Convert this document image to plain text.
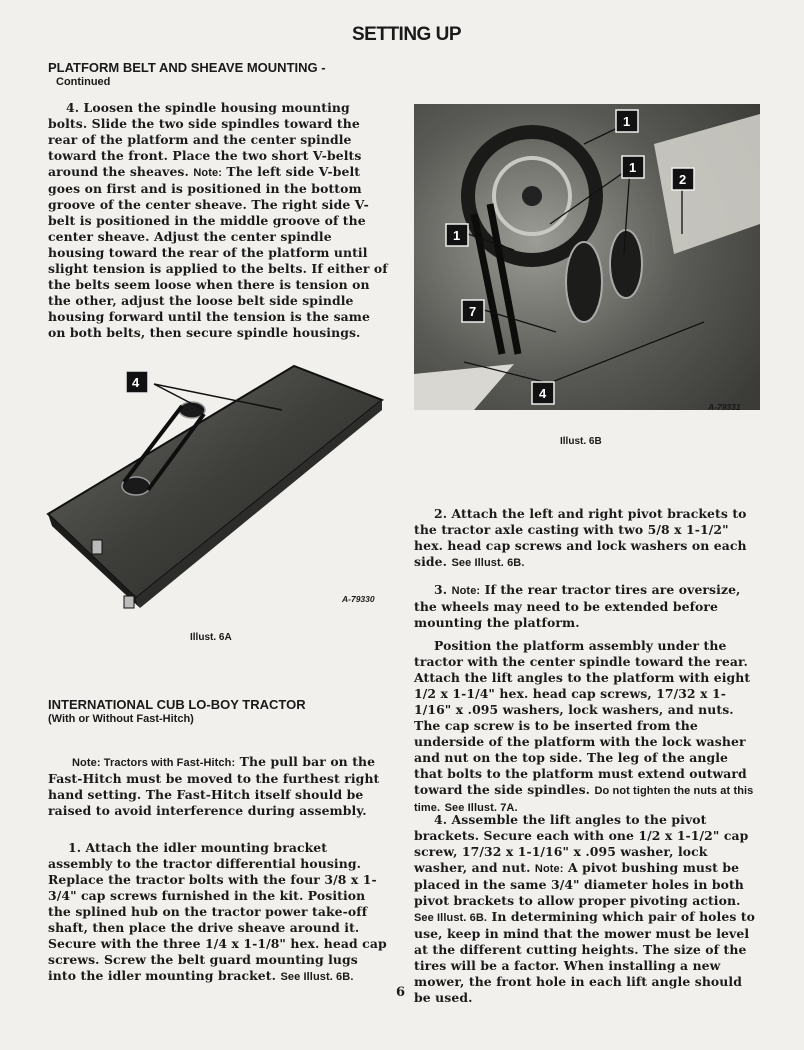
SETTING UP
PLATFORM BELT AND SHEAVE MOUNTING -
Continued

4. Loosen the spindle housing mounting bolts. Slide the two side spindles toward the rear of the platform and the center spindle toward the front. Place the two short V-belts around the sheaves. Note: The left side V-belt goes on first and is positioned in the bottom groove of the center sheave. The right side V-belt is positioned in the middle groove of the center sheave. Adjust the center spindle housing toward the rear of the platform until slight tension is applied to the belts. If either of the belts seem loose when there is tension on the other, adjust the loose belt side spindle housing forward until the tension is the same on both belts, then secure spindle housings.

4
A-79330
Illust. 6A
1
1
1
2
7
4
A-79331
Illust. 6B

2. Attach the left and right pivot brackets to the tractor axle casting with two 5/8 x 1-1/2" hex. head cap screws and lock washers on each side. See Illust. 6B.

3. Note: If the rear tractor tires are oversize, the wheels may need to be extended before mounting the platform.

Position the platform assembly under the tractor with the center spindle toward the rear. Attach the lift angles to the platform with eight 1/2 x 1-1/4" hex. head cap screws, 17/32 x 1-1/16" x .095 washers, lock washers, and nuts. The cap screw is to be inserted from the underside of the platform with the lock washer and nut on the top side. The leg of the angle that bolts to the platform must extend outward toward the side spindles. Do not tighten the nuts at this time. See Illust. 7A.

4. Assemble the lift angles to the pivot brackets. Secure each with one 1/2 x 1-1/2" cap screw, 17/32 x 1-1/16" x .095 washer, lock washer, and nut. Note: A pivot bushing must be placed in the same 3/4" diameter holes in both pivot brackets to allow proper pivoting action. See Illust. 6B. In determining which pair of holes to use, keep in mind that the mower must be level at the different cutting heights. The size of the tires will be a factor. When installing a new mower, the front hole in each lift angle should be used.

INTERNATIONAL CUB LO-BOY TRACTOR
(With or Without Fast-Hitch)

Note: Tractors with Fast-Hitch: The pull bar on the Fast-Hitch must be moved to the furthest right hand setting. The Fast-Hitch itself should be raised to avoid interference during assembly.

1. Attach the idler mounting bracket assembly to the tractor differential housing. Replace the tractor bolts with the four 3/8 x 1-3/4" cap screws furnished in the kit. Position the splined hub on the tractor power take-off shaft, then place the drive sheave around it. Secure with the three 1/4 x 1-1/8" hex. head cap screws. Screw the belt guard mounting lugs into the idler mounting bracket. See Illust. 6B.

6
